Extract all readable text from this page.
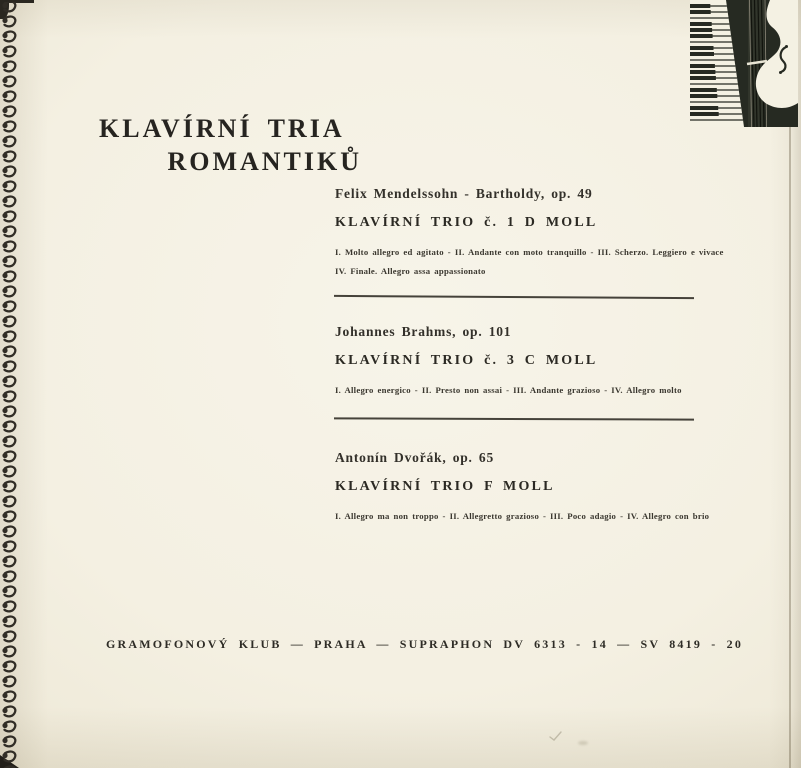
KLAVÍRNÍ TRIA
ROMANTIKŮ
Felix Mendelssohn - Bartholdy, op. 49
KLAVÍRNÍ TRIO č. 1 D MOLL
I. Molto allegro ed agitato - II. Andante con moto tranquillo - III. Scherzo. Leggiero e vivace
IV. Finale. Allegro assa appassionato
Johannes Brahms, op. 101
KLAVÍRNÍ TRIO č. 3 C MOLL
I. Allegro energico - II. Presto non assai - III. Andante grazioso - IV. Allegro molto
Antonín Dvořák, op. 65
KLAVÍRNÍ TRIO F MOLL
I. Allegro ma non troppo - II. Allegretto grazioso - III. Poco adagio - IV. Allegro con brio
GRAMOFONOVÝ KLUB — PRAHA — SUPRAPHON DV 6313 - 14 — SV 8419 - 20
